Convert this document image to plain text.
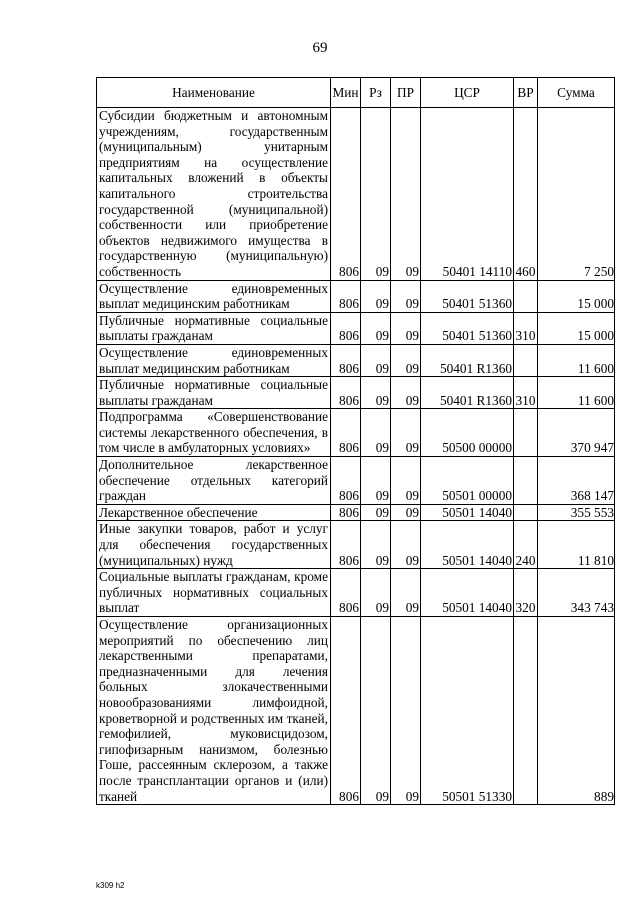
69
Наименование	Мин	Рз	ПР	ЦСР	ВР	Сумма
Субсидии бюджетным и автономным учреждениям, государственным (муниципальным) унитарным предприятиям на осуществление капитальных вложений в объекты капитального строительства государственной (муниципальной) собственности или приобретение объектов недвижимого имущества в государственную (муниципальную) собственность	806	09	09	50401 14110	460	7 250
Осуществление единовременных выплат медицинским работникам	806	09	09	50401 51360		15 000
Публичные нормативные социальные выплаты гражданам	806	09	09	50401 51360	310	15 000
Осуществление единовременных выплат медицинским работникам	806	09	09	50401 R1360		11 600
Публичные нормативные социальные выплаты гражданам	806	09	09	50401 R1360	310	11 600
Подпрограмма «Совершенствование системы лекарственного обеспечения, в том числе в амбулаторных условиях»	806	09	09	50500 00000		370 947
Дополнительное лекарственное обеспечение отдельных категорий граждан	806	09	09	50501 00000		368 147
Лекарственное обеспечение	806	09	09	50501 14040		355 553
Иные закупки товаров, работ и услуг для обеспечения государственных (муниципальных) нужд	806	09	09	50501 14040	240	11 810
Социальные выплаты гражданам, кроме публичных нормативных социальных выплат	806	09	09	50501 14040	320	343 743
Осуществление организационных мероприятий по обеспечению лиц лекарственными препаратами, предназначенными для лечения больных злокачественными новообразованиями лимфоидной, кроветворной и родственных им тканей, гемофилией, муковисцидозом, гипофизарным нанизмом, болезнью Гоше, рассеянным склерозом, а также после трансплантации органов и (или) тканей	806	09	09	50501 51330		889
k309 h2
